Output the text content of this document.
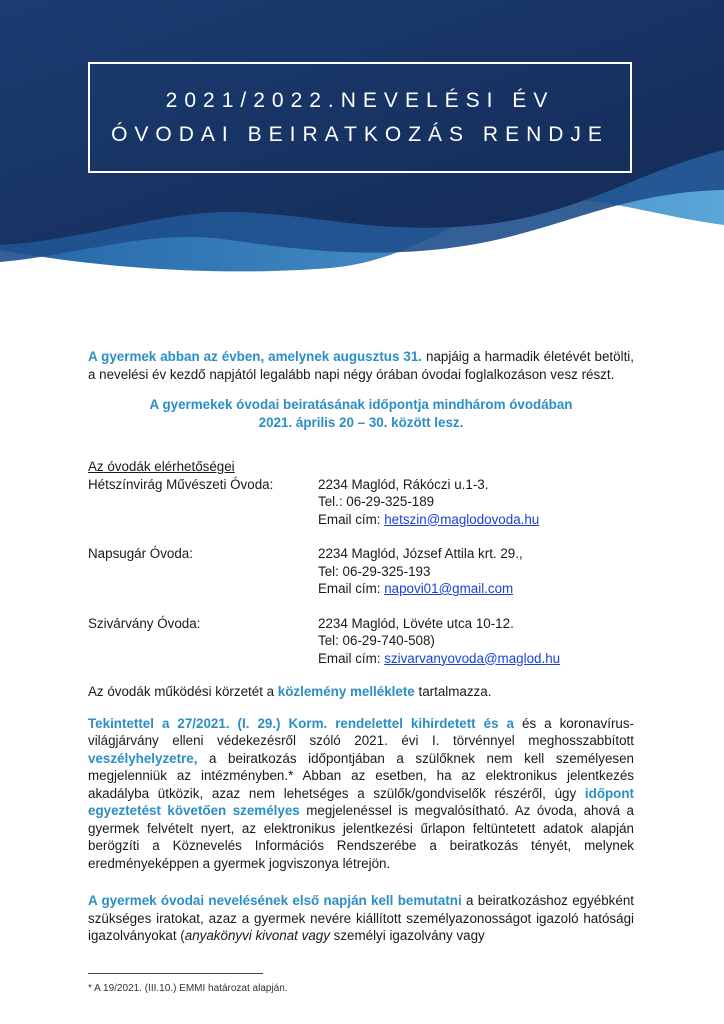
2021/2022.NEVELÉSI ÉV
ÓVODAI BEIRATKOZÁS RENDJE

A gyermek abban az évben, amelynek augusztus 31. napjáig a harmadik életévét betölti, a nevelési év kezdő napjától legalább napi négy órában óvodai foglalkozáson vesz részt.

A gyermekek óvodai beiratásának időpontja mindhárom óvodában
2021. április 20 – 30. között lesz.

Az óvodák elérhetőségei
Hétszínvirág Művészeti Óvoda:	2234 Maglód, Rákóczi u.1-3.
Tel.: 06-29-325-189
Email cím: hetszin@maglodovoda.hu
Napsugár Óvoda:	2234 Maglód, József Attila krt. 29.,
Tel: 06-29-325-193
Email cím: napovi01@gmail.com
Szivárvány Óvoda:	2234 Maglód, Lövéte utca 10-12.
Tel: 06-29-740-508)
Email cím: szivarvanyovoda@maglod.hu

Az óvodák működési körzetét a közlemény melléklete tartalmazza.

Tekintettel a 27/2021. (I. 29.) Korm. rendelettel kihirdetett és a és a koronavírus-világjárvány elleni védekezésről szóló 2021. évi I. törvénnyel meghosszabbított veszélyhelyzetre, a beiratkozás időpontjában a szülőknek nem kell személyesen megjelenniük az intézményben.* Abban az esetben, ha az elektronikus jelentkezés akadályba ütközik, azaz nem lehetséges a szülők/gondviselők részéről, úgy időpont egyeztetést követően személyes megjelenéssel is megvalósítható. Az óvoda, ahová a gyermek felvételt nyert, az elektronikus jelentkezési űrlapon feltüntetett adatok alapján berögzíti a Köznevelés Információs Rendszerébe a beiratkozás tényét, melynek eredményeképpen a gyermek jogviszonya létrejön.

A gyermek óvodai nevelésének első napján kell bemutatni a beiratkozáshoz egyébként szükséges iratokat, azaz a gyermek nevére kiállított személyazonosságot igazoló hatósági igazolványokat (anyakönyvi kivonat vagy személyi igazolvány vagy

* A 19/2021. (III.10.) EMMI határozat alapján.
